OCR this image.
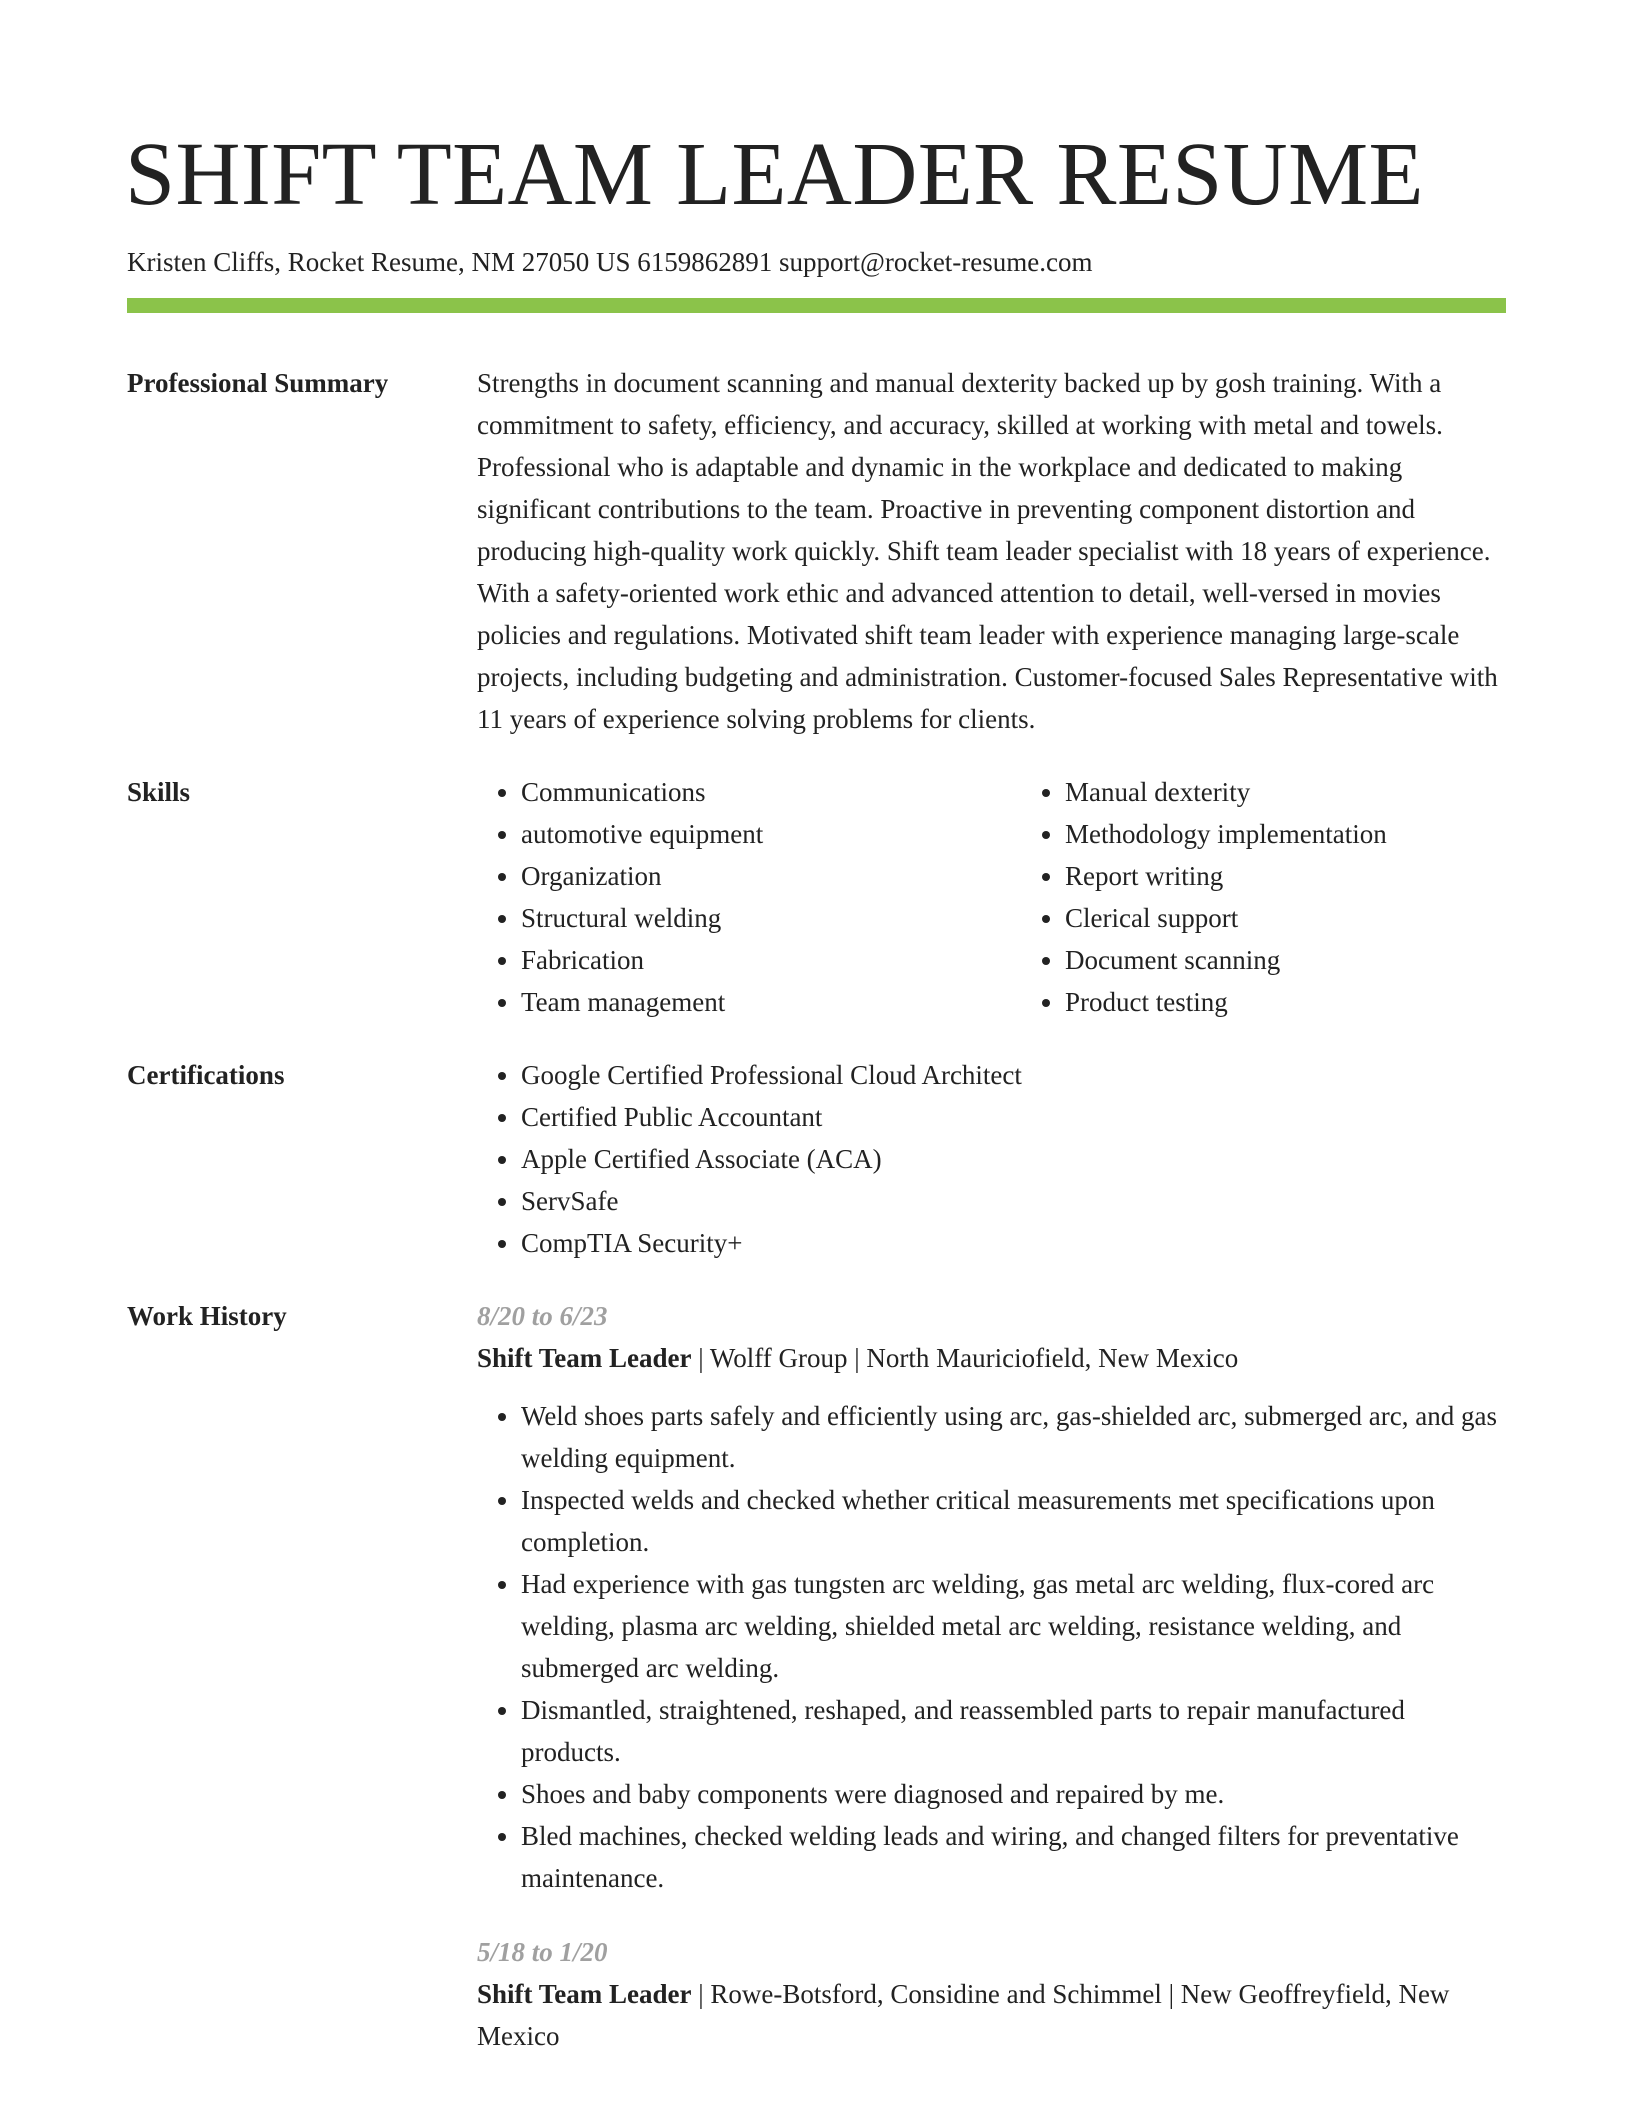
SHIFT TEAM LEADER RESUME
Kristen Cliffs, Rocket Resume, NM 27050 US 6159862891 support@rocket-resume.com
Professional Summary	Strengths in document scanning and manual dexterity backed up by gosh training. With a commitment to safety, efficiency, and accuracy, skilled at working with metal and towels. Professional who is adaptable and dynamic in the workplace and dedicated to making significant contributions to the team. Proactive in preventing component distortion and producing high-quality work quickly. Shift team leader specialist with 18 years of experience. With a safety-oriented work ethic and advanced attention to detail, well-versed in movies policies and regulations. Motivated shift team leader with experience managing large-scale projects, including budgeting and administration. Customer-focused Sales Representative with 11 years of experience solving problems for clients.
Skills	• Communications
• automotive equipment
• Organization
• Structural welding
• Fabrication
• Team management
• Manual dexterity
• Methodology implementation
• Report writing
• Clerical support
• Document scanning
• Product testing
Certifications	• Google Certified Professional Cloud Architect
• Certified Public Accountant
• Apple Certified Associate (ACA)
• ServSafe
• CompTIA Security+
Work History	8/20 to 6/23
Shift Team Leader | Wolff Group | North Mauriciofield, New Mexico
• Weld shoes parts safely and efficiently using arc, gas-shielded arc, submerged arc, and gas welding equipment.
• Inspected welds and checked whether critical measurements met specifications upon completion.
• Had experience with gas tungsten arc welding, gas metal arc welding, flux-cored arc welding, plasma arc welding, shielded metal arc welding, resistance welding, and submerged arc welding.
• Dismantled, straightened, reshaped, and reassembled parts to repair manufactured products.
• Shoes and baby components were diagnosed and repaired by me.
• Bled machines, checked welding leads and wiring, and changed filters for preventative maintenance.
5/18 to 1/20
Shift Team Leader | Rowe-Botsford, Considine and Schimmel | New Geoffreyfield, New Mexico
